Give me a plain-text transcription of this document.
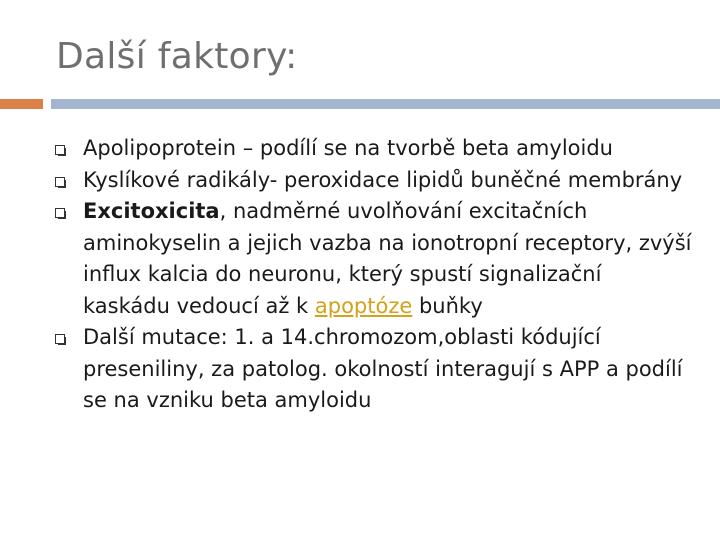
Další faktory:
Apolipoprotein – podílí se na tvorbě beta amyloidu
Kyslíkové radikály- peroxidace lipidů buněčné membrány
Excitoxicita, nadměrné uvolňování excitačních aminokyselin a jejich vazba na ionotropní receptory, zvýší influx kalcia do neuronu, který spustí signalizační kaskádu vedoucí až k apoptóze buňky
Další mutace: 1. a 14.chromozom,oblasti kódující preseniliny, za patolog. okolností interagují s APP a podílí se na vzniku beta amyloidu
